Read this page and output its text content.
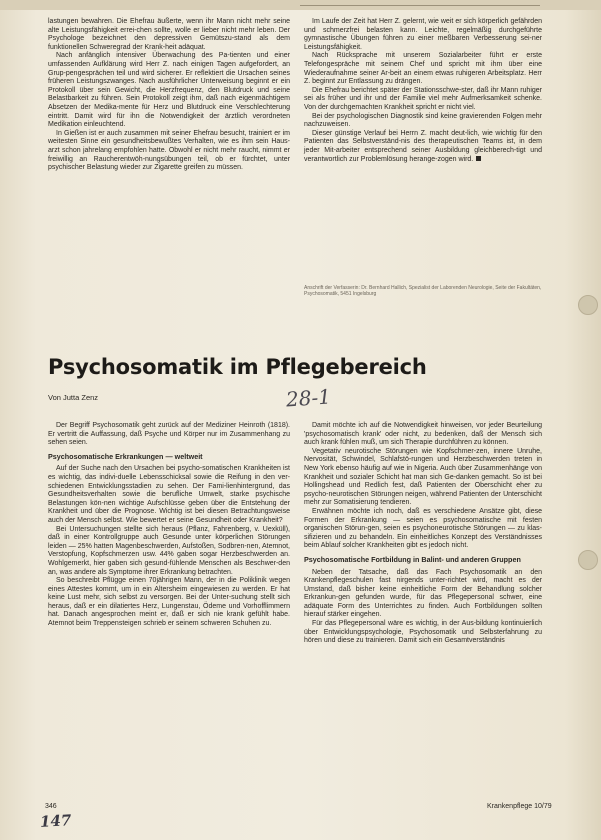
lastungen bewahren. Die Ehefrau äußerte, wenn ihr Mann nicht mehr seine alte Leistungsfähigkeit errei-chen sollte, wolle er lieber nicht mehr leben. Der Psychologe bezeichnet den depressiven Gemütszu-stand als dem funktionellen Schweregrad der Krank-heit adäquat.

Nach anfänglich intensiver Überwachung des Pa-tienten und einer umfassenden Aufklärung wird Herr Z. nach einigen Tagen aufgefordert, an Grup-pengesprächen teil und wird sicherer. Er reflektiert die Ursachen seines früheren Leistungszwanges. Nach ausführlicher Unterweisung beginnt er ein Protokoll über sein Gewicht, die Herzfrequenz, den Blutdruck und seine Belastbarkeit zu führen. Sein Protokoll zeigt ihm, daß nach eigenmächtigem Absetzen der Medika-mente für Herz und Blutdruck eine Verschlechterung eintritt. Damit wird für ihn die Notwendigkeit der ärztlich verordneten Medikation einleuchtend.

In Gießen ist er auch zusammen mit seiner Ehefrau besucht, trainiert er im weitesten Sinne ein gesundheitsbewußtes Verhalten, wie es ihm sein Haus-arzt schon jahrelang empfohlen hatte. Obwohl er nicht mehr raucht, nimmt er freiwillig an Raucherentwöh-nungsübungen teil, ob er fürchtet, unter psychischer Belastung wieder zur Zigarette greifen zu müssen.

Im Laufe der Zeit hat Herr Z. gelernt, wie weit er sich körperlich gefährden und schmerzfrei belasten kann. Leichte, regelmäßig durchgeführte gymnastische Übungen führen zu einer meßbaren Verbesserung sei-ner Leistungsfähigkeit.

Nach Rücksprache mit unserem Sozialarbeiter führt er erste Telefongespräche mit seinem Chef und spricht mit ihm über eine Wiederaufnahme seiner Ar-beit an einem etwas ruhigeren Arbeitsplatz. Herr Z. beginnt zur Entlassung zu drängen.

Die Ehefrau berichtet später der Stationsschwe-ster, daß ihr Mann ruhiger sei als früher und ihr und der Familie viel mehr Aufmerksamkeit schenke. Von der durchgemachten Krankheit spricht er nicht viel.

Bei der psychologischen Diagnostik sind keine gravierenden Folgen mehr nachzuweisen.

Dieser günstige Verlauf bei Herrn Z. macht deut-lich, wie wichtig für den Patienten das Selbstverständ-nis des therapeutischen Teams ist, in dem jeder Mit-arbeiter entsprechend seiner Ausbildung gleichberech-tigt und verantwortlich zur Problemlösung herange-zogen wird.

Anschrift der Verfasserin: Dr. Bernhard Hallich, Spezialist der Laborenden Neurologie, Seite der Fakultäten, Psychosomatik, 5451 Ingelsburg
Psychosomatik im Pflegebereich
Von Jutta Zenz	28-1

Der Begriff Psychosomatik geht zurück auf der Mediziner Heinroth (1818). Er vertritt die Auffassung, daß Psyche und Körper nur im Zusammenhang zu sehen seien.

Psychosomatische Erkrankungen — weltweit

Auf der Suche nach den Ursachen bei psycho-somatischen Krankheiten ist es wichtig, das indivi-duelle Lebensschicksal sowie die Reifung in den ver-schiedenen Entwicklungsstadien zu sehen. Der Fami-lienhintergrund, das Gesundheitsverhalten sowie die berufliche Umwelt, starke psychische Belastungen kön-nen wichtige Aufschlüsse geben über die Entstehung der Krankheit und über die Prognose. Wichtig ist bei diesen Betrachtungsweise auch der Mensch selbst. Wie bewertet er seine Gesundheit oder Krankheit?

Bei Untersuchungen stellte sich heraus (Pflanz, Fahrenberg, v. Uexküll), daß in einer Kontrollgruppe auch Gesunde unter körperlichen Störungen leiden — 25% hatten Magenbeschwerden, Aufstoßen, Sodbren-nen, Atemnot, Verstopfung, Kopfschmerzen usw. 44% gaben sogar Herzbeschwerden an. Wohlgemerkt, hier gaben sich gesund-fühlende Menschen als Beschwer-den an, was andere als Symptome ihrer Erkrankung betrachten.

So beschreibt Pflügge einen 70jährigen Mann, der in die Poliklinik wegen eines Attestes kommt, um in ein Altersheim eingewiesen zu werden. Er hat keine Lust mehr, sich selbst zu versorgen. Bei der Unter-suchung stellt sich heraus, daß er ein dilatiertes Herz, Lungenstau, Ödeme und Vorhofflimmern hat. Danach angesprochen meint er, daß er sich nie krank gefühlt habe. Atemnot beim Treppensteigen schrieb er seinem schweren Schuhen zu.

Damit möchte ich auf die Notwendigkeit hinweisen, vor jeder Beurteilung 'psychosomatisch krank' oder nicht, zu bedenken, daß der Mensch sich auch krank fühlen muß, um sich Therapie durchführen zu können.

Vegetativ neurotische Störungen wie Kopfschmer-zen, innere Unruhe, Nervosität, Schwindel, Schlafstö-rungen und Herzbeschwerden treten in New York ebenso häufig auf wie in Nigeria. Auch über Zusammenhänge von Krankheit und sozialer Schicht hat man sich Ge-danken gemacht. So ist bei Hollingshead und Redlich fest, daß Patienten der Oberschicht eher zu psycho-neurotischen Störungen neigen, während Patienten der Unterschicht mehr zur Somatisierung tendieren.

Erwähnen möchte ich noch, daß es verschiedene Ansätze gibt, diese Formen der Erkrankung — seien es psychosomatische mit festen organischen Störun-gen, seien es psychoneurotische Störungen — zu klas-sifizieren und zu behandeln. Ein einheitliches Konzept des Verständnisses beim Ablauf solcher Krankheiten gibt es jedoch nicht.

Psychosomatische Fortbildung in Balint- und anderen Gruppen

Neben der Tatsache, daß das Fach Psychosomatik an den Krankenpflegeschulen fast nirgends unter-richtet wird, macht es der Umstand, daß bisher keine einheitliche Form der Behandlung solcher Erkrankun-gen gefunden wurde, für das Pflegepersonal schwer, eine adäquate Form des Unterrichtes zu finden. Auch Fortbildungen sollten hierauf stärker eingehen.

Für das Pflegepersonal wäre es wichtig, in der Aus-bildung kontinuierlich über Entwicklungspsychologie, Psychosomatik und Selbsterfahrung zu hören und diese zu trainieren. Damit sich ein Gesamtverständnis

346	Krankenpflege 10/79
147
